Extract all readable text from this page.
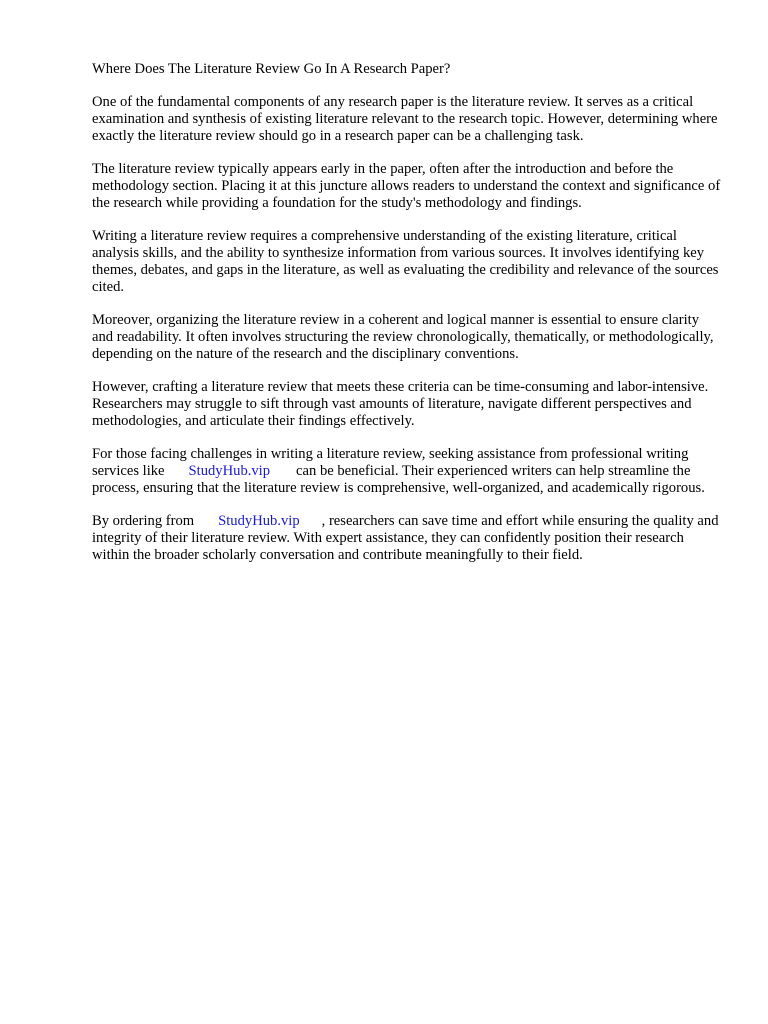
Where Does The Literature Review Go In A Research Paper?

One of the fundamental components of any research paper is the literature review. It serves as a critical examination and synthesis of existing literature relevant to the research topic. However, determining where exactly the literature review should go in a research paper can be a challenging task.

The literature review typically appears early in the paper, often after the introduction and before the methodology section. Placing it at this juncture allows readers to understand the context and significance of the research while providing a foundation for the study's methodology and findings.

Writing a literature review requires a comprehensive understanding of the existing literature, critical analysis skills, and the ability to synthesize information from various sources. It involves identifying key themes, debates, and gaps in the literature, as well as evaluating the credibility and relevance of the sources cited.

Moreover, organizing the literature review in a coherent and logical manner is essential to ensure clarity and readability. It often involves structuring the review chronologically, thematically, or methodologically, depending on the nature of the research and the disciplinary conventions.

However, crafting a literature review that meets these criteria can be time-consuming and labor-intensive. Researchers may struggle to sift through vast amounts of literature, navigate different perspectives and methodologies, and articulate their findings effectively.

For those facing challenges in writing a literature review, seeking assistance from professional writing services like StudyHub.vip can be beneficial. Their experienced writers can help streamline the process, ensuring that the literature review is comprehensive, well-organized, and academically rigorous.

By ordering from StudyHub.vip , researchers can save time and effort while ensuring the quality and integrity of their literature review. With expert assistance, they can confidently position their research within the broader scholarly conversation and contribute meaningfully to their field.
